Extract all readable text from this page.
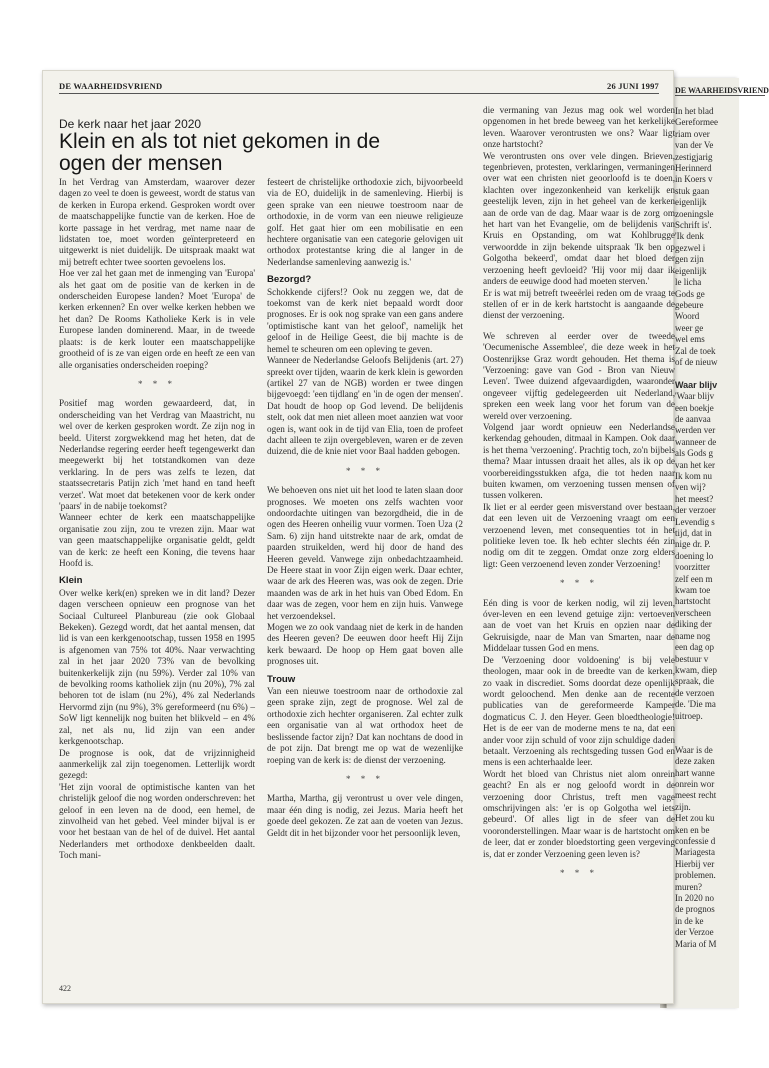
DE WAARHEIDSVRIEND
In het blad
Gereformee
riam over
van der Ve
zestigjarig
Herinnerd
in Koers v
stuk gaan
eigenlijk
zoeningsle
Schrift is'.
'Ik denk
gezwel i
gen zijn
eigenlijk
le licha
Gods ge
gebeure
Woord
weer ge
wel ems
Zal de toek
of de nieuw

Waar blijv
'Waar blijv
een boekje
de aanvaa
werden ver
wanneer de
als Gods g
van het ker
Ik kom nu
ven wij?
het meest?
der verzoer
Levendig s
tijd, dat in
nige dr. P.
doening lo
voorzitter
zelf een m
kwam toe
hartstocht
verscheen
diking der
name nog
een dag op
bestuur v
kwam, diep
spraak, die
de verzoen
de. 'Die ma
uitroep.

Waar is de
deze zaken
hart wanne
onrein wor
meest recht
zijn.
Het zou ku
ken en be
confessie d
Mariagesta
Hierbij ver
problemen.
muren?
In 2020 no
de prognos
in de ke
der Verzoe
Maria of M
DE WAARHEIDSVRIEND	26 JUNI 1997
De kerk naar het jaar 2020
Klein en als tot niet gekomen in de ogen der mensen

In het Verdrag van Amsterdam, waarover dezer dagen zo veel te doen is geweest, wordt de status van de kerken in Europa erkend. Gesproken wordt over de maatschappelijke functie van de kerken. Hoe de korte passage in het verdrag, met name naar de lidstaten toe, moet worden geïnterpreteerd en uitgewerkt is niet duidelijk. De uitspraak maakt wat mij betreft echter twee soorten gevoelens los.

Hoe ver zal het gaan met de inmenging van 'Europa' als het gaat om de positie van de kerken in de onderscheiden Europese landen? Moet 'Europa' de kerken erkennen? En over welke kerken hebben we het dan? De Rooms Katholieke Kerk is in vele Europese landen dominerend. Maar, in de tweede plaats: is de kerk louter een maatschappelijke grootheid of is ze van eigen orde en heeft ze een van alle organisaties onderscheiden roeping?

* * *

Positief mag worden gewaardeerd, dat, in onderscheiding van het Verdrag van Maastricht, nu wel over de kerken gesproken wordt. Ze zijn nog in beeld. Uiterst zorgwekkend mag het heten, dat de Nederlandse regering eerder heeft tegengewerkt dan meegewerkt bij het totstandkomen van deze verklaring. In de pers was zelfs te lezen, dat staatssecretaris Patijn zich 'met hand en tand heeft verzet'. Wat moet dat betekenen voor de kerk onder 'paars' in de nabije toekomst?

Wanneer echter de kerk een maatschappelijke organisatie zou zijn, zou te vrezen zijn. Maar wat van geen maatschappelijke organisatie geldt, geldt van de kerk: ze heeft een Koning, die tevens haar Hoofd is.

Klein

Over welke kerk(en) spreken we in dit land? Dezer dagen verscheen opnieuw een prognose van het Sociaal Cultureel Planbureau (zie ook Globaal Bekeken). Gezegd wordt, dat het aantal mensen, dat lid is van een kerkgenootschap, tussen 1958 en 1995 is afgenomen van 75% tot 40%. Naar verwachting zal in het jaar 2020 73% van de bevolking buitenkerkelijk zijn (nu 59%). Verder zal 10% van de bevolking rooms katholiek zijn (nu 20%), 7% zal behoren tot de islam (nu 2%), 4% zal Nederlands Hervormd zijn (nu 9%), 3% gereformeerd (nu 6%) – SoW ligt kennelijk nog buiten het blikveld – en 4% zal, net als nu, lid zijn van een ander kerkgenootschap.

De prognose is ook, dat de vrijzinnigheid aanmerkelijk zal zijn toegenomen. Letterlijk wordt gezegd:

'Het zijn vooral de optimistische kanten van het christelijk geloof die nog worden onderschreven: het geloof in een leven na de dood, een hemel, de zinvolheid van het gebed. Veel minder bijval is er voor het bestaan van de hel of de duivel. Het aantal Nederlanders met orthodoxe denkbeelden daalt. Toch mani-

festeert de christelijke orthodoxie zich, bijvoorbeeld via de EO, duidelijk in de samenleving. Hierbij is geen sprake van een nieuwe toestroom naar de orthodoxie, in de vorm van een nieuwe religieuze golf. Het gaat hier om een mobilisatie en een hechtere organisatie van een categorie gelovigen uit orthodox protestantse kring die al langer in de Nederlandse samenleving aanwezig is.'

Bezorgd?

Schokkende cijfers!? Ook nu zeggen we, dat de toekomst van de kerk niet bepaald wordt door prognoses. Er is ook nog sprake van een gans andere 'optimistische kant van het geloof', namelijk het geloof in de Heilige Geest, die bij machte is de hemel te scheuren om een opleving te geven.

Wanneer de Nederlandse Geloofs Belijdenis (art. 27) spreekt over tijden, waarin de kerk klein is geworden (artikel 27 van de NGB) worden er twee dingen bijgevoegd: 'een tijdlang' en 'in de ogen der mensen'. Dat houdt de hoop op God levend. De belijdenis stelt, ook dat men niet alleen moet aanzien wat voor ogen is, want ook in de tijd van Elia, toen de profeet dacht alleen te zijn overgebleven, waren er de zeven duizend, die de knie niet voor Baal hadden gebogen.

* * *

We behoeven ons niet uit het lood te laten slaan door prognoses. We moeten ons zelfs wachten voor ondoordachte uitingen van bezorgdheid, die in de ogen des Heeren onheilig vuur vormen. Toen Uza (2 Sam. 6) zijn hand uitstrekte naar de ark, omdat de paarden struikelden, werd hij door de hand des Heeren geveld. Vanwege zijn onbedachtzaamheid. De Heere staat in voor Zijn eigen werk. Daar echter, waar de ark des Heeren was, was ook de zegen. Drie maanden was de ark in het huis van Obed Edom. En daar was de zegen, voor hem en zijn huis. Vanwege het verzoendeksel.

Mogen we zo ook vandaag niet de kerk in de handen des Heeren geven? De eeuwen door heeft Hij Zijn kerk bewaard. De hoop op Hem gaat boven alle prognoses uit.

Trouw

Van een nieuwe toestroom naar de orthodoxie zal geen sprake zijn, zegt de prognose. Wel zal de orthodoxie zich hechter organiseren. Zal echter zulk een organisatie van al wat orthodox heet de beslissende factor zijn? Dat kan nochtans de dood in de pot zijn. Dat brengt me op wat de wezenlijke roeping van de kerk is: de dienst der verzoening.

* * *

Martha, Martha, gij verontrust u over vele dingen, maar één ding is nodig, zei Jezus. Maria heeft het goede deel gekozen. Ze zat aan de voeten van Jezus. Geldt dit in het bijzonder voor het persoonlijk leven,

die vermaning van Jezus mag ook wel worden opgenomen in het brede beweeg van het kerkelijke leven. Waarover verontrusten we ons? Waar ligt onze hartstocht?

We verontrusten ons over vele dingen. Brieven, tegenbrieven, protesten, verklaringen, vermaningen over wat een christen niet geoorloofd is te doen, klachten over ingezonkenheid van kerkelijk en geestelijk leven, zijn in het geheel van de kerken aan de orde van de dag. Maar waar is de zorg om het hart van het Evangelie, om de belijdenis van Kruis en Opstanding, om wat Kohlbrugge verwoordde in zijn bekende uitspraak 'Ik ben op Golgotha bekeerd', omdat daar het bloed der verzoening heeft gevloeid? 'Hij voor mij daar ik anders de eeuwige dood had moeten sterven.'

Er is wat mij betreft tweeërlei reden om de vraag te stellen of er in de kerk hartstocht is aangaande de dienst der verzoening.

We schreven al eerder over de tweede 'Oecumenische Assemblee', die deze week in het Oostenrijkse Graz wordt gehouden. Het thema is 'Verzoening: gave van God - Bron van Nieuw Leven'. Twee duizend afgevaardigden, waaronder ongeveer vijftig gedelegeerden uit Nederland, spreken een week lang voor het forum van de wereld over verzoening.

Volgend jaar wordt opnieuw een Nederlandse kerkendag gehouden, ditmaal in Kampen. Ook daar is het thema 'verzoening'. Prachtig toch, zo'n bijbels thema? Maar intussen draait het alles, als ik op de voorbereidingsstukken afga, die tot heden naar buiten kwamen, om verzoening tussen mensen of tussen volkeren.

Ik liet er al eerder geen misverstand over bestaan, dat een leven uit de Verzoening vraagt om een verzoenend leven, met consequenties tot in het politieke leven toe. Ik heb echter slechts één zin nodig om dit te zeggen. Omdat onze zorg elders ligt: Geen verzoenend leven zonder Verzoening!

* * *

Eén ding is voor de kerken nodig, wil zij leven, óver-leven en een levend getuige zijn: vertoeven aan de voet van het Kruis en opzien naar de Gekruisigde, naar de Man van Smarten, naar de Middelaar tussen God en mens.

De 'Verzoening door voldoening' is bij vele theologen, maar ook in de breedte van de kerken, zo vaak in discrediet. Soms doordat deze openlijk wordt geloochend. Men denke aan de recente publicaties van de gereformeerde Kamper dogmaticus C. J. den Heyer. Geen bloedtheologie! Het is de eer van de moderne mens te na, dat een ander voor zijn schuld of voor zijn schuldige daden betaalt. Verzoening als rechtsgeding tussen God en mens is een achterhaalde leer.

Wordt het bloed van Christus niet alom onrein geacht? En als er nog geloofd wordt in de verzoening door Christus, treft men vage omschrijvingen als: 'er is op Golgotha wel iets gebeurd'. Of alles ligt in de sfeer van de vooronderstellingen. Maar waar is de hartstocht om de leer, dat er zonder bloedstorting geen vergeving is, dat er zonder Verzoening geen leven is?

* * *
422
